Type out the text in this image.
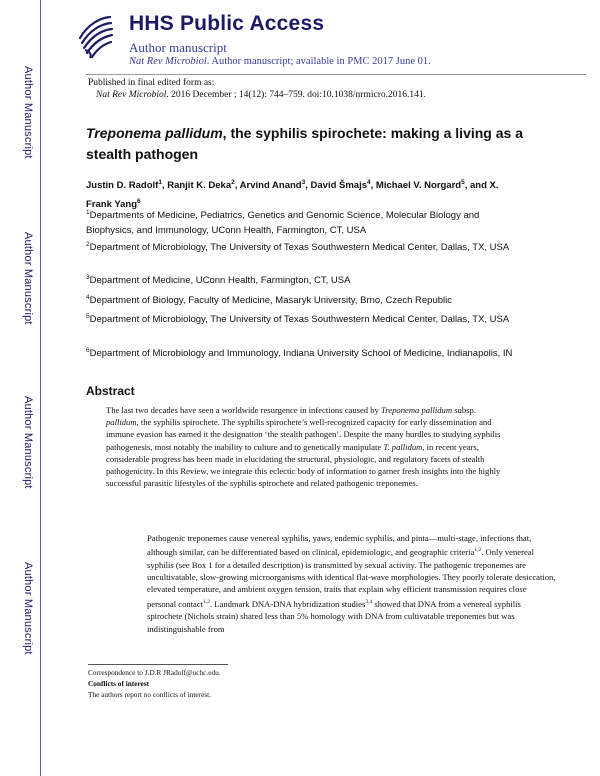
Author Manuscript
Author Manuscript
Author Manuscript
Author Manuscript
HHS Public Access
Author manuscript
Nat Rev Microbiol. Author manuscript; available in PMC 2017 June 01.
Published in final edited form as:
Nat Rev Microbiol. 2016 December ; 14(12): 744–759. doi:10.1038/nrmicro.2016.141.
Treponema pallidum, the syphilis spirochete: making a living as a stealth pathogen
Justin D. Radolf$^1$, Ranjit K. Deka$^2$, Arvind Anand$^3$, David Šmajs$^4$, Michael V. Norgard$^5$, and X. Frank Yang$^6$
$^1$Departments of Medicine, Pediatrics, Genetics and Genomic Science, Molecular Biology and Biophysics, and Immunology, UConn Health, Farmington, CT, USA
$^2$Department of Microbiology, The University of Texas Southwestern Medical Center, Dallas, TX, USA
$^3$Department of Medicine, UConn Health, Farmington, CT, USA
$^4$Department of Biology, Faculty of Medicine, Masaryk University, Brno, Czech Republic
$^5$Department of Microbiology, The University of Texas Southwestern Medical Center, Dallas, TX, USA
$^6$Department of Microbiology and Immunology, Indiana University School of Medicine, Indianapolis, IN
Abstract
The last two decades have seen a worldwide resurgence in infections caused by Treponema pallidum subsp. pallidum, the syphilis spirochete. The syphilis spirochete’s well-recognized capacity for early dissemination and immune evasion has earned it the designation ‘the stealth pathogen’. Despite the many hurdles to studying syphilis pathogenesis, most notably the inability to culture and to genetically manipulate T. pallidum, in recent years, considerable progress has been made in elucidating the structural, physiologic, and regulatory facets of stealth pathogenicity. In this Review, we integrate this eclectic body of information to garner fresh insights into the highly successful parasitic lifestyles of the syphilis spirochete and related pathogenic treponemes.
Pathogenic treponemes cause venereal syphilis, yaws, endemic syphilis, and pinta—multi-stage, infections that, although similar, can be differentiated based on clinical, epidemiologic, and geographic criteria$^{1,2}$. Only venereal syphilis (see Box 1 for a detailed description) is transmitted by sexual activity. The pathogenic treponemes are uncultivatable, slow-growing microorganisms with identical flat-wave morphologies. They poorly tolerate desiccation, elevated temperature, and ambient oxygen tension, traits that explain why efficient transmission requires close personal contact$^{1,2}$. Landmark DNA-DNA hybridization studies$^{3,4}$ showed that DNA from a venereal syphilis spirochete (Nichols strain) shared less than 5% homology with DNA from cultivatable treponemes but was indistinguishable from
Correspondence to J.D.R JRadolf@uchc.edu.
Conflicts of interest
The authors report no conflicts of interest.
